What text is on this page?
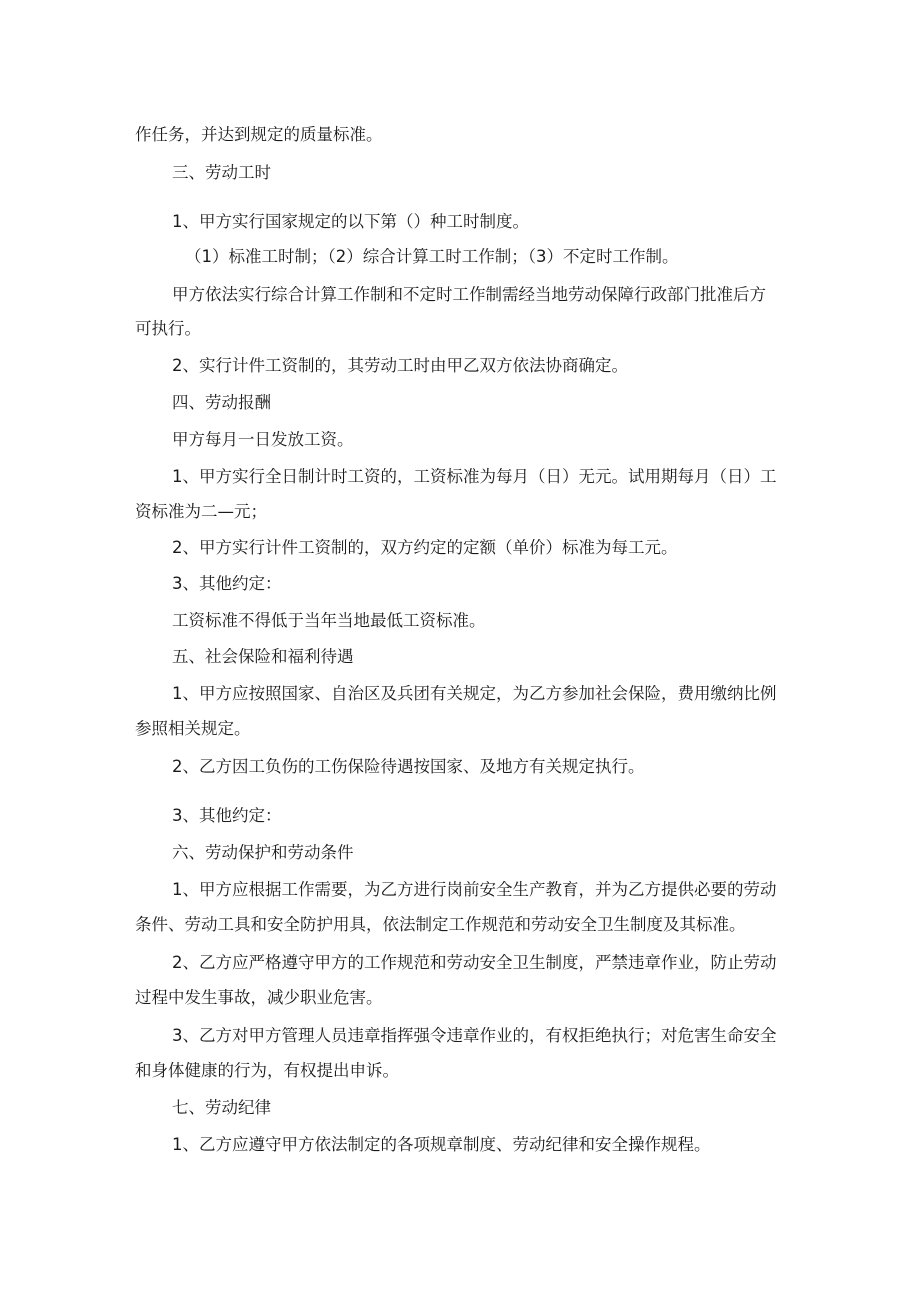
作任务，并达到规定的质量标准。
三、劳动工时
1、甲方实行国家规定的以下第（）种工时制度。
（1）标准工时制；（2）综合计算工时工作制；（3）不定时工作制。
甲方依法实行综合计算工作制和不定时工作制需经当地劳动保障行政部门批准后方
可执行。
2、实行计件工资制的，其劳动工时由甲乙双方依法协商确定。
四、劳动报酬
甲方每月一日发放工资。
1、甲方实行全日制计时工资的，工资标准为每月（日）无元。试用期每月（日）工
资标准为二—元；
2、甲方实行计件工资制的，双方约定的定额（单价）标准为每工元。
3、其他约定：
工资标准不得低于当年当地最低工资标准。
五、社会保险和福利待遇
1、甲方应按照国家、自治区及兵团有关规定，为乙方参加社会保险，费用缴纳比例
参照相关规定。
2、乙方因工负伤的工伤保险待遇按国家、及地方有关规定执行。
3、其他约定：
六、劳动保护和劳动条件
1、甲方应根据工作需要，为乙方进行岗前安全生产教育，并为乙方提供必要的劳动
条件、劳动工具和安全防护用具，依法制定工作规范和劳动安全卫生制度及其标准。
2、乙方应严格遵守甲方的工作规范和劳动安全卫生制度，严禁违章作业，防止劳动
过程中发生事故，减少职业危害。
3、乙方对甲方管理人员违章指挥强令违章作业的，有权拒绝执行；对危害生命安全
和身体健康的行为，有权提出申诉。
七、劳动纪律
1、乙方应遵守甲方依法制定的各项规章制度、劳动纪律和安全操作规程。
